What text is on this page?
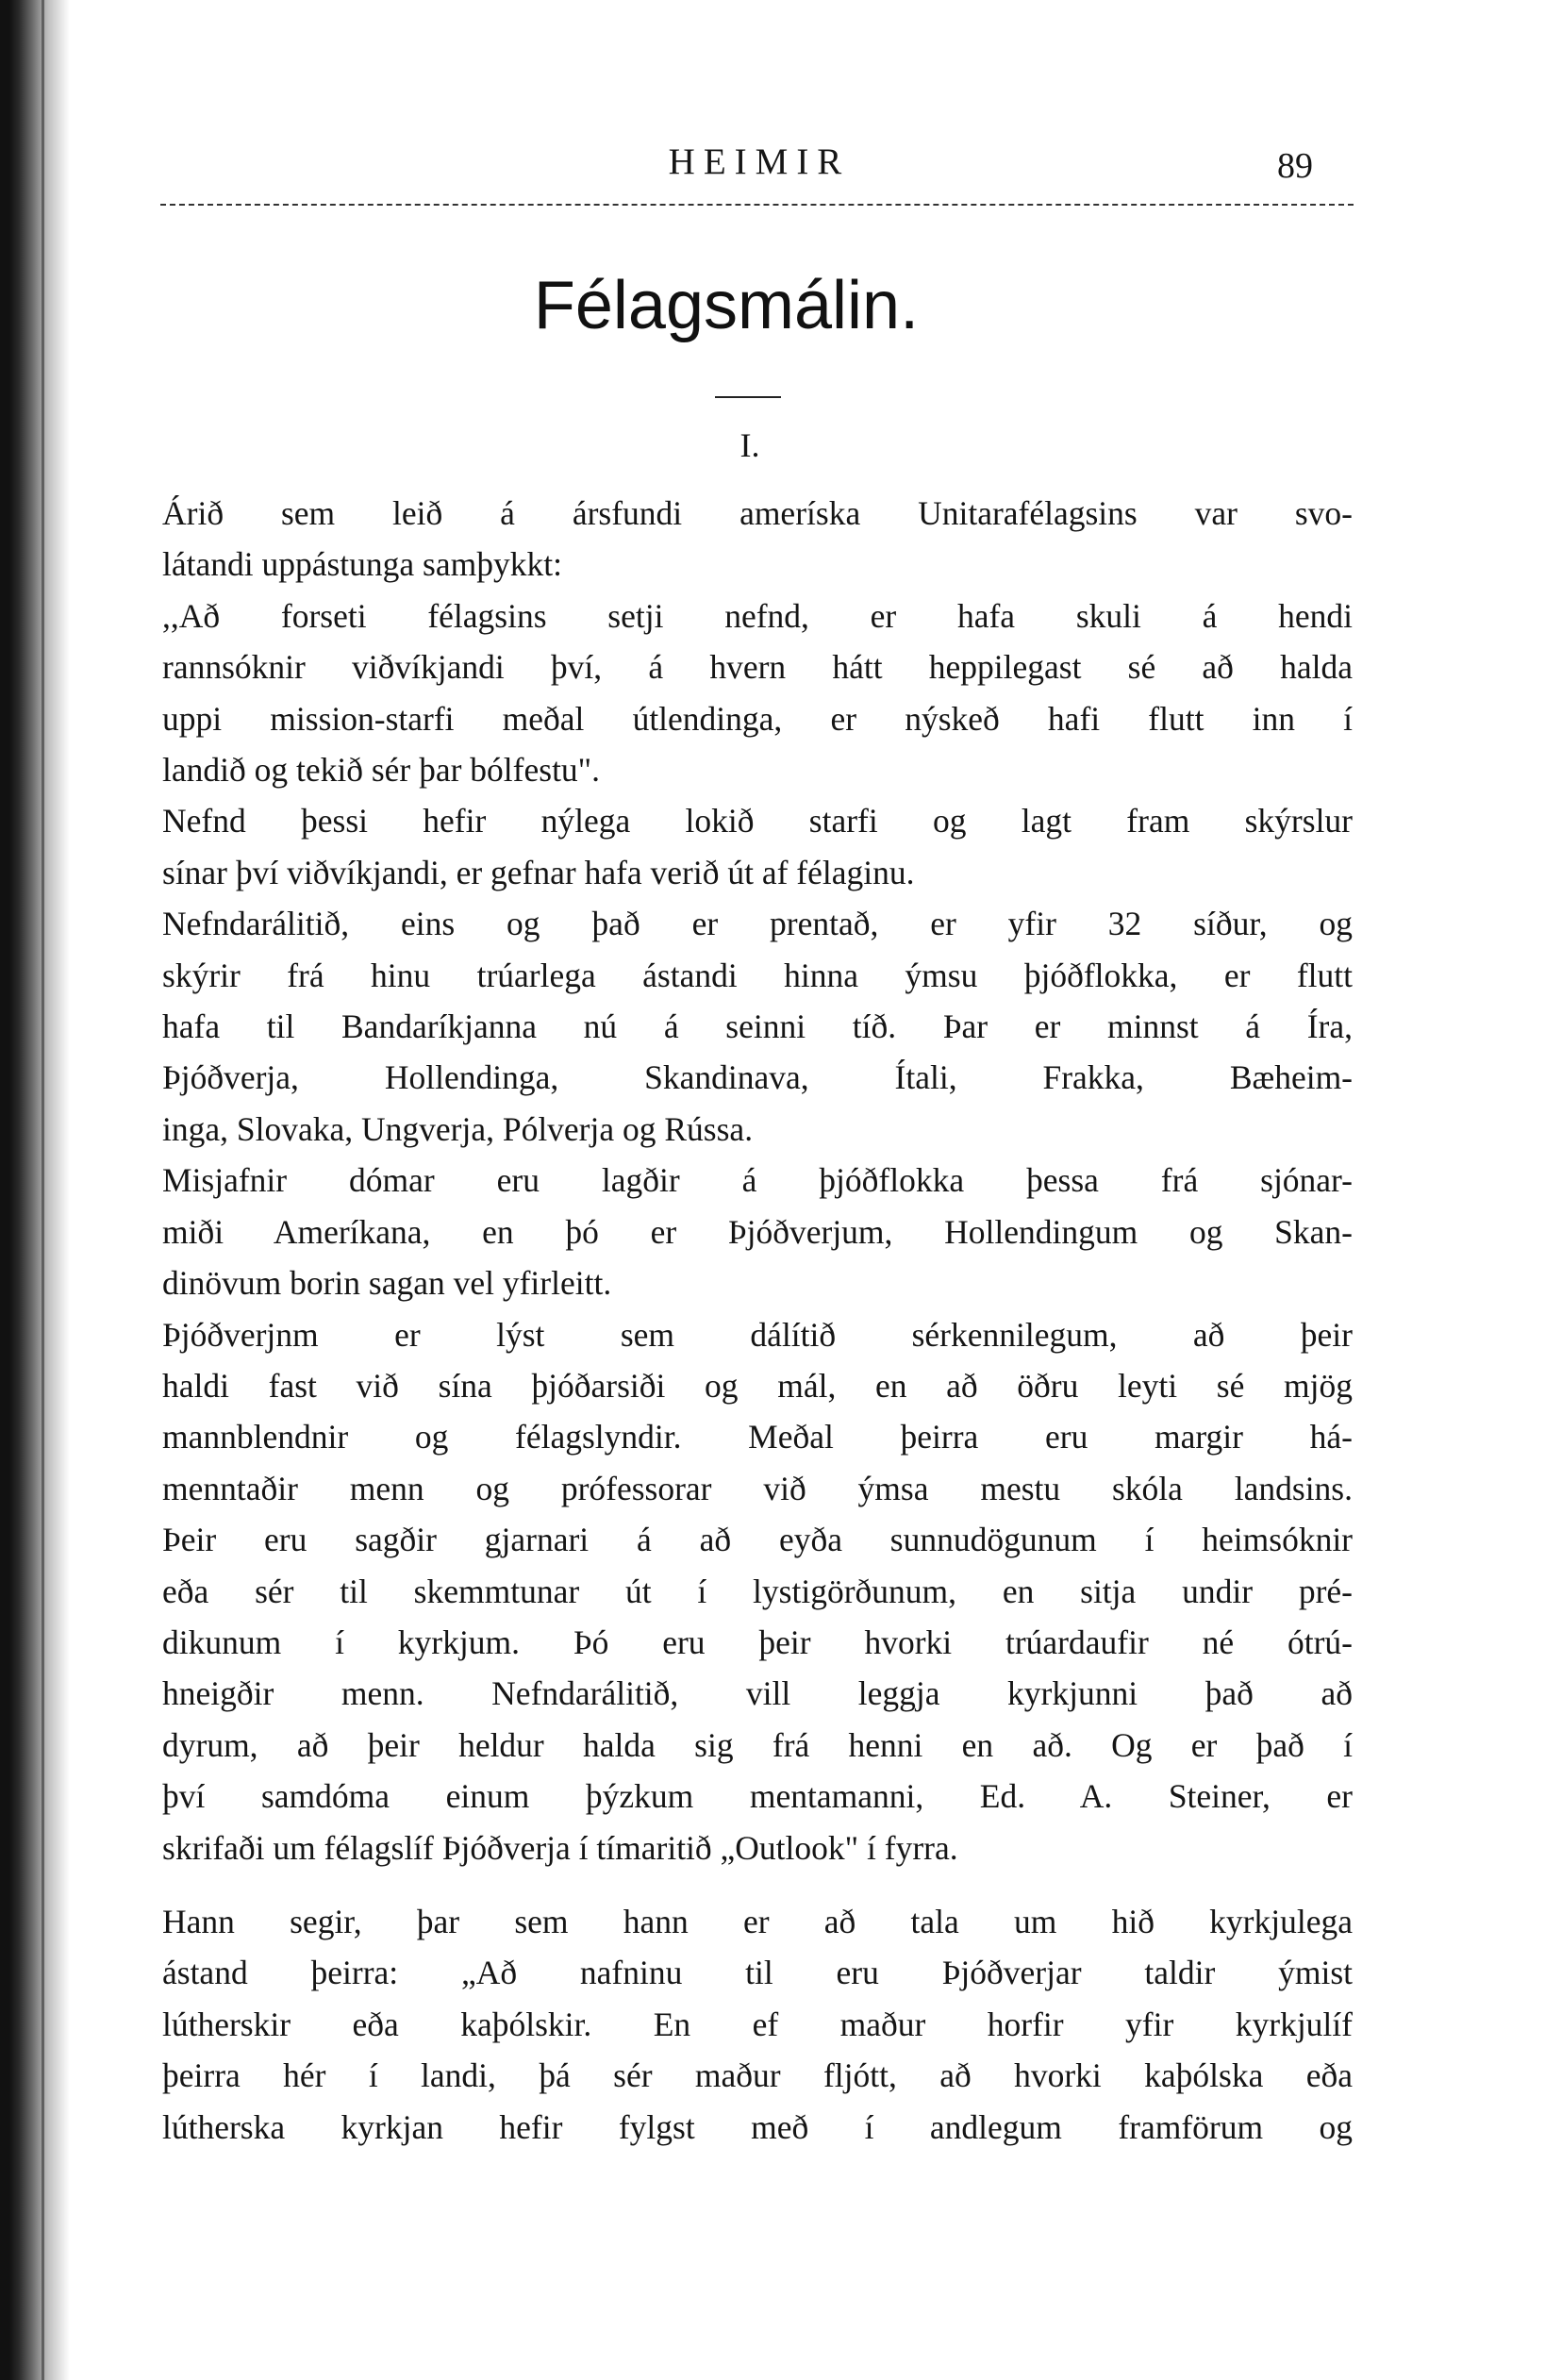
HEIMIR	89
Félagsmálin.
I.
Árið sem leið á ársfundi ameríska Unitarafélagsins var svo-
látandi uppástunga samþykkt:
,,Að forseti félagsins setji nefnd, er hafa skuli á hendi
rannsóknir viðvíkjandi því, á hvern hátt heppilegast sé að halda
uppi mission-starfi meðal útlendinga, er nýskeð hafi flutt inn í
landið og tekið sér þar bólfestu".
Nefnd þessi hefir nýlega lokið starfi og lagt fram skýrslur
sínar því viðvíkjandi, er gefnar hafa verið út af félaginu.
Nefndarálitið, eins og það er prentað, er yfir 32 síður, og
skýrir frá hinu trúarlega ástandi hinna ýmsu þjóðflokka, er flutt
hafa til Bandaríkjanna nú á seinni tíð. Þar er minnst á Íra,
Þjóðverja, Hollendinga, Skandinava, Ítali, Frakka, Bæheim-
inga, Slovaka, Ungverja, Pólverja og Rússa.
Misjafnir dómar eru lagðir á þjóðflokka þessa frá sjónar-
miði Ameríkana, en þó er Þjóðverjum, Hollendingum og Skan-
dinövum borin sagan vel yfirleitt.
Þjóðverjnm er lýst sem dálítið sérkennilegum, að þeir
haldi fast við sína þjóðarsiði og mál, en að öðru leyti sé mjög
mannblendnir og félagslyndir. Meðal þeirra eru margir há-
menntaðir menn og prófessorar við ýmsa mestu skóla landsins.
Þeir eru sagðir gjarnari á að eyða sunnudögunum í heimsóknir
eða sér til skemmtunar út í lystigörðunum, en sitja undir pré-
dikunum í kyrkjum. Þó eru þeir hvorki trúardaufir né ótrú-
hneigðir menn. Nefndarálitið, vill leggja kyrkjunni það að
dyrum, að þeir heldur halda sig frá henni en að. Og er það í
því samdóma einum þýzkum mentamanni, Ed. A. Steiner, er
skrifaði um félagslíf Þjóðverja í tímaritið „Outlook" í fyrra.
Hann segir, þar sem hann er að tala um hið kyrkjulega
ástand þeirra: „Að nafninu til eru Þjóðverjar taldir ýmist
lútherskir eða kaþólskir. En ef maður horfir yfir kyrkjulíf
þeirra hér í landi, þá sér maður fljótt, að hvorki kaþólska eða
lútherska kyrkjan hefir fylgst með í andlegum framförum og
